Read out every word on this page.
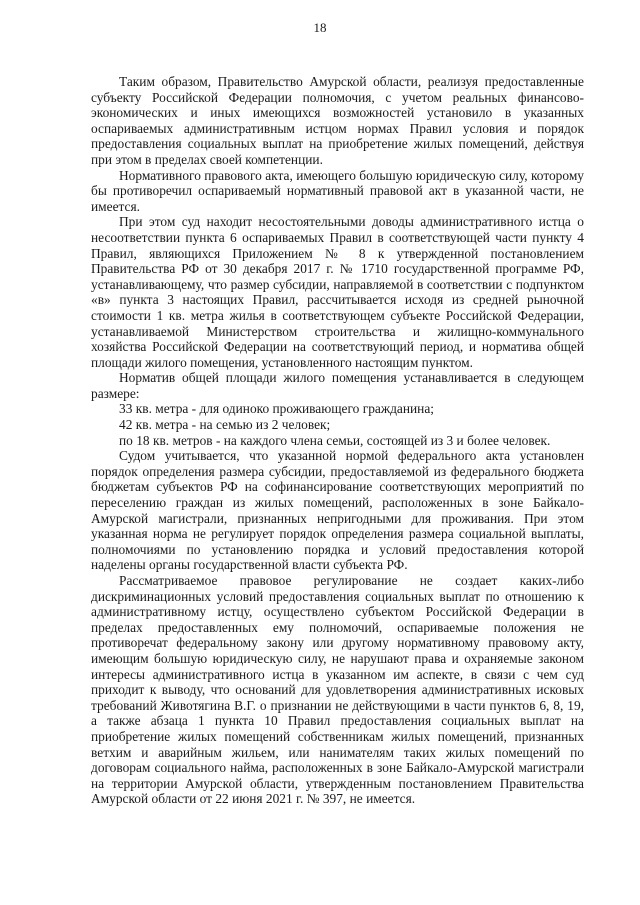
18

Таким образом, Правительство Амурской области, реализуя предоставленные субъекту Российской Федерации полномочия, с учетом реальных финансово-экономических и иных имеющихся возможностей установило в указанных оспариваемых административным истцом нормах Правил условия и порядок предоставления социальных выплат на приобретение жилых помещений, действуя при этом в пределах своей компетенции.

Нормативного правового акта, имеющего большую юридическую силу, которому бы противоречил оспариваемый нормативный правовой акт в указанной части, не имеется.

При этом суд находит несостоятельными доводы административного истца о несоответствии пункта 6 оспариваемых Правил в соответствующей части пункту 4 Правил, являющихся Приложением № 8 к утвержденной постановлением Правительства РФ от 30 декабря 2017 г. № 1710 государственной программе РФ, устанавливающему, что размер субсидии, направляемой в соответствии с подпунктом «в» пункта 3 настоящих Правил, рассчитывается исходя из средней рыночной стоимости 1 кв. метра жилья в соответствующем субъекте Российской Федерации, устанавливаемой Министерством строительства и жилищно-коммунального хозяйства Российской Федерации на соответствующий период, и норматива общей площади жилого помещения, установленного настоящим пунктом.

Норматив общей площади жилого помещения устанавливается в следующем размере:

33 кв. метра - для одиноко проживающего гражданина;

42 кв. метра - на семью из 2 человек;

по 18 кв. метров - на каждого члена семьи, состоящей из 3 и более человек.

Судом учитывается, что указанной нормой федерального акта установлен порядок определения размера субсидии, предоставляемой из федерального бюджета бюджетам субъектов РФ на софинансирование соответствующих мероприятий по переселению граждан из жилых помещений, расположенных в зоне Байкало-Амурской магистрали, признанных непригодными для проживания. При этом указанная норма не регулирует порядок определения размера социальной выплаты, полномочиями по установлению порядка и условий предоставления которой наделены органы государственной власти субъекта РФ.

Рассматриваемое правовое регулирование не создает каких-либо дискриминационных условий предоставления социальных выплат по отношению к административному истцу, осуществлено субъектом Российской Федерации в пределах предоставленных ему полномочий, оспариваемые положения не противоречат федеральному закону или другому нормативному правовому акту, имеющим большую юридическую силу, не нарушают права и охраняемые законом интересы административного истца в указанном им аспекте, в связи с чем суд приходит к выводу, что оснований для удовлетворения административных исковых требований Животягина В.Г. о признании не действующими в части пунктов 6, 8, 19, а также абзаца 1 пункта 10 Правил предоставления социальных выплат на приобретение жилых помещений собственникам жилых помещений, признанных ветхим и аварийным жильем, или нанимателям таких жилых помещений по договорам социального найма, расположенных в зоне Байкало-Амурской магистрали на территории Амурской области, утвержденным постановлением Правительства Амурской области от 22 июня 2021 г. № 397, не имеется.
